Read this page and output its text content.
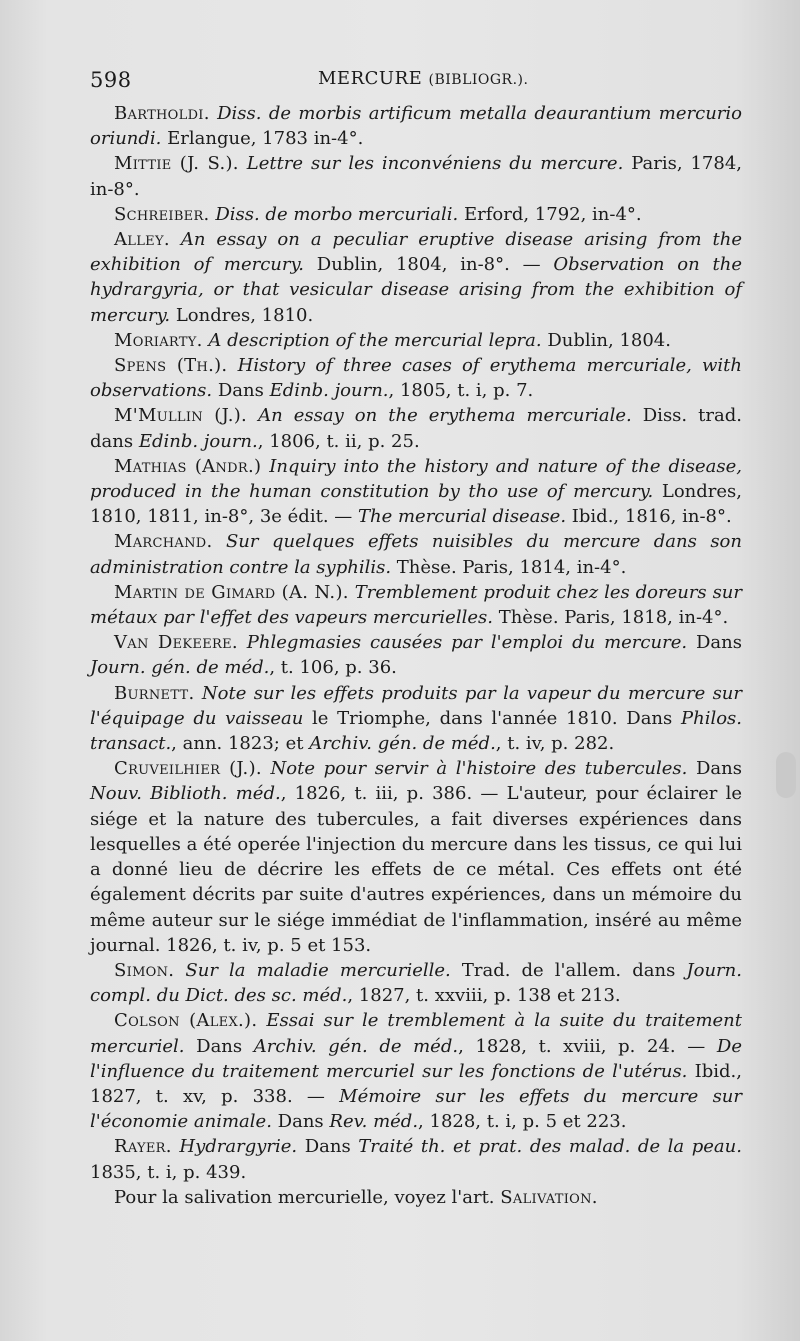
598	MERCURE (BIBLIOGR.).

Bartholdi. Diss. de morbis artificum metalla deaurantium mercurio oriundi. Erlangue, 1783 in-4°.

Mittie (J. S.). Lettre sur les inconvéniens du mercure. Paris, 1784, in-8°.

Schreiber. Diss. de morbo mercuriali. Erford, 1792, in-4°.

Alley. An essay on a peculiar eruptive disease arising from the exhibition of mercury. Dublin, 1804, in-8°. — Observation on the hydrargyria, or that vesicular disease arising from the exhibition of mercury. Londres, 1810.

Moriarty. A description of the mercurial lepra. Dublin, 1804.

Spens (Th.). History of three cases of erythema mercuriale, with observations. Dans Edinb. journ., 1805, t. i, p. 7.

M'Mullin (J.). An essay on the erythema mercuriale. Diss. trad. dans Edinb. journ., 1806, t. ii, p. 25.

Mathias (Andr.) Inquiry into the history and nature of the disease, produced in the human constitution by tho use of mercury. Londres, 1810, 1811, in-8°, 3e édit. — The mercurial disease. Ibid., 1816, in-8°.

Marchand. Sur quelques effets nuisibles du mercure dans son administration contre la syphilis. Thèse. Paris, 1814, in-4°.

Martin de Gimard (A. N.). Tremblement produit chez les doreurs sur métaux par l'effet des vapeurs mercurielles. Thèse. Paris, 1818, in-4°.

Van Dekeere. Phlegmasies causées par l'emploi du mercure. Dans Journ. gén. de méd., t. 106, p. 36.

Burnett. Note sur les effets produits par la vapeur du mercure sur l'équipage du vaisseau le Triomphe, dans l'année 1810. Dans Philos. transact., ann. 1823; et Archiv. gén. de méd., t. iv, p. 282.

Cruveilhier (J.). Note pour servir à l'histoire des tubercules. Dans Nouv. Biblioth. méd., 1826, t. iii, p. 386. — L'auteur, pour éclairer le siége et la nature des tubercules, a fait diverses expériences dans lesquelles a été operée l'injection du mercure dans les tissus, ce qui lui a donné lieu de décrire les effets de ce métal. Ces effets ont été également décrits par suite d'autres expériences, dans un mémoire du même auteur sur le siége immédiat de l'inflammation, inséré au même journal. 1826, t. iv, p. 5 et 153.

Simon. Sur la maladie mercurielle. Trad. de l'allem. dans Journ. compl. du Dict. des sc. méd., 1827, t. xxviii, p. 138 et 213.

Colson (Alex.). Essai sur le tremblement à la suite du traitement mercuriel. Dans Archiv. gén. de méd., 1828, t. xviii, p. 24. — De l'influence du traitement mercuriel sur les fonctions de l'utérus. Ibid., 1827, t. xv, p. 338. — Mémoire sur les effets du mercure sur l'économie animale. Dans Rev. méd., 1828, t. i, p. 5 et 223.

Rayer. Hydrargyrie. Dans Traité th. et prat. des malad. de la peau. 1835, t. i, p. 439.

Pour la salivation mercurielle, voyez l'art. Salivation.
